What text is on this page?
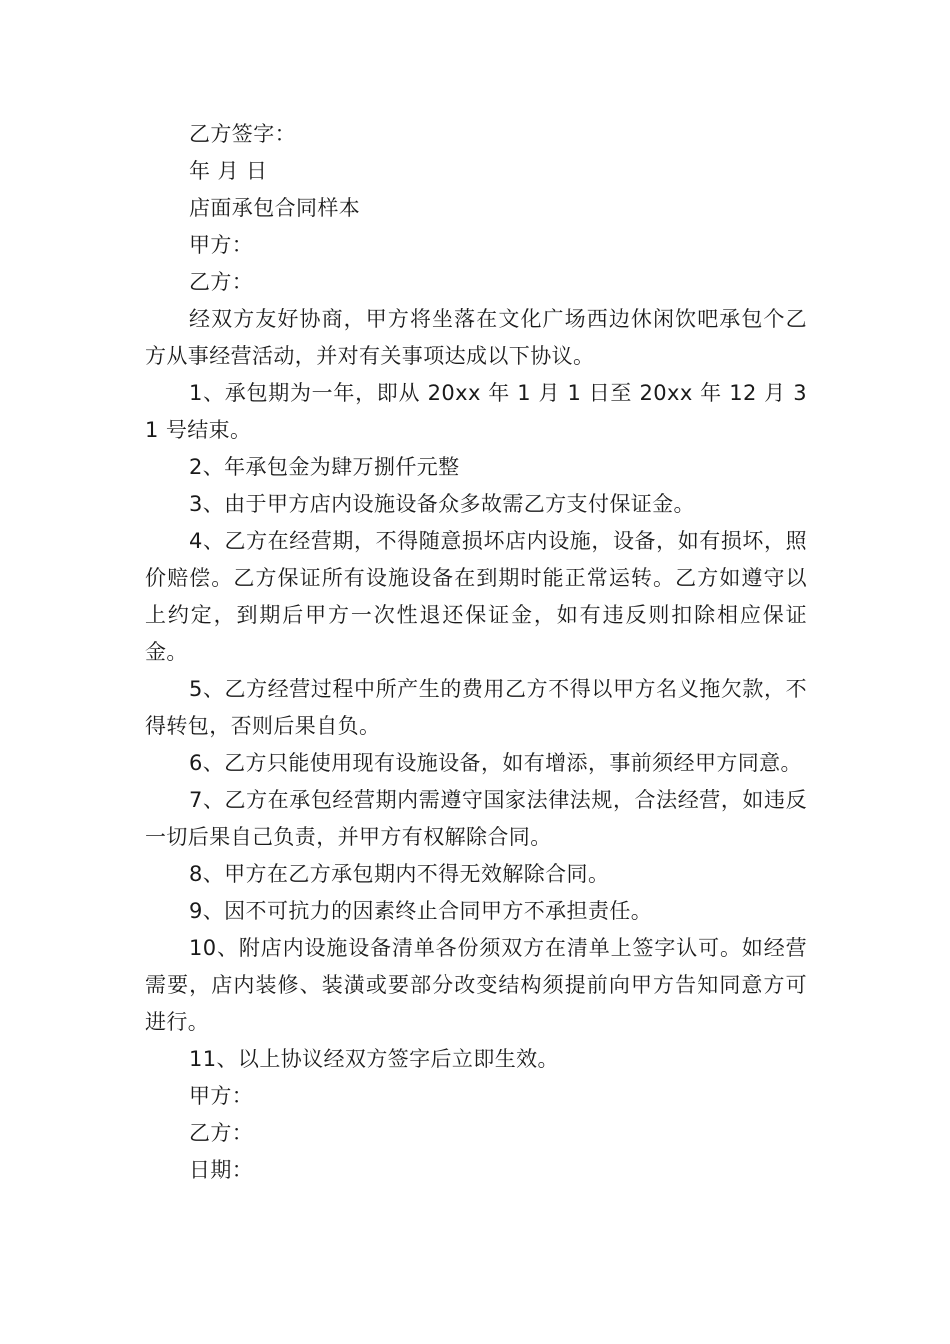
乙方签字：

年 月 日

店面承包合同样本

甲方：

乙方：

经双方友好协商，甲方将坐落在文化广场西边休闲饮吧承包个乙方从事经营活动，并对有关事项达成以下协议。

1、承包期为一年，即从 20xx 年 1 月 1 日至 20xx 年 12 月 31 号结束。

2、年承包金为肆万捌仟元整

3、由于甲方店内设施设备众多故需乙方支付保证金。

4、乙方在经营期，不得随意损坏店内设施，设备，如有损坏，照价赔偿。乙方保证所有设施设备在到期时能正常运转。乙方如遵守以上约定，到期后甲方一次性退还保证金，如有违反则扣除相应保证金。

5、乙方经营过程中所产生的费用乙方不得以甲方名义拖欠款，不得转包，否则后果自负。

6、乙方只能使用现有设施设备，如有增添，事前须经甲方同意。

7、乙方在承包经营期内需遵守国家法律法规，合法经营，如违反一切后果自己负责，并甲方有权解除合同。

8、甲方在乙方承包期内不得无效解除合同。

9、因不可抗力的因素终止合同甲方不承担责任。

10、附店内设施设备清单各份须双方在清单上签字认可。如经营需要，店内装修、装潢或要部分改变结构须提前向甲方告知同意方可进行。

11、以上协议经双方签字后立即生效。

甲方：

乙方：

日期：
